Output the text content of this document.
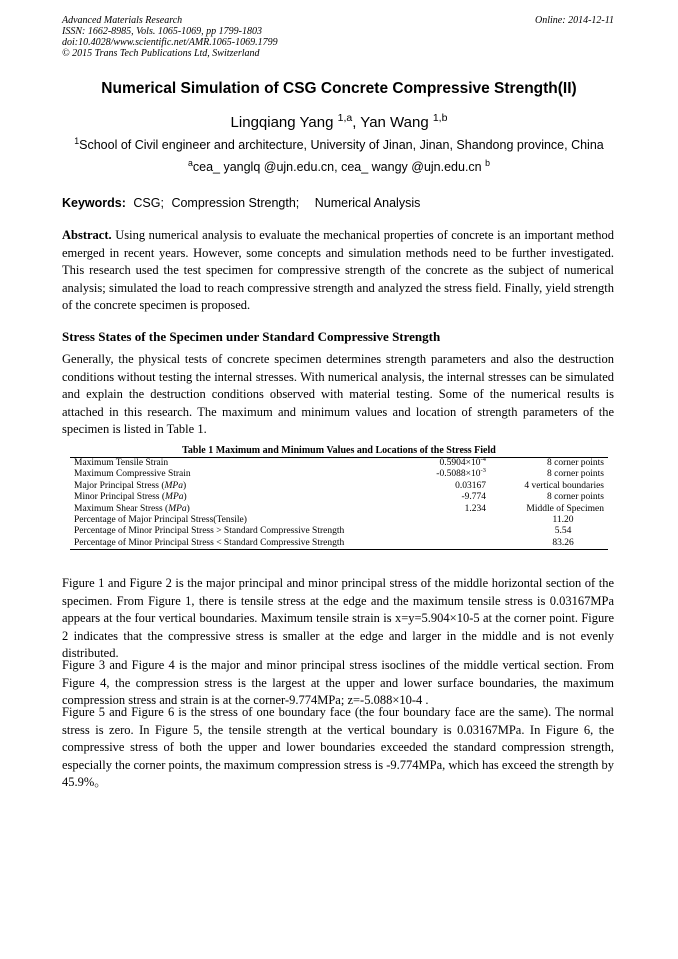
Advanced Materials Research
ISSN: 1662-8985, Vols. 1065-1069, pp 1799-1803
doi:10.4028/www.scientific.net/AMR.1065-1069.1799
© 2015 Trans Tech Publications Ltd, Switzerland
Online: 2014-12-11
Numerical Simulation of CSG Concrete Compressive Strength(II)
Lingqiang Yang $^{1,a}$, Yan Wang $^{1,b}$
$^1$School of Civil engineer and architecture, University of Jinan, Jinan, Shandong province, China
$^a$cea_ yanglq @ujn.edu.cn, cea_ wangy @ujn.edu.cn $^b$
Keywords: CSG; Compression Strength; Numerical Analysis
Abstract. Using numerical analysis to evaluate the mechanical properties of concrete is an important method emerged in recent years. However, some concepts and simulation methods need to be further investigated. This research used the test specimen for compressive strength of the concrete as the subject of numerical analysis; simulated the load to reach compressive strength and analyzed the stress field. Finally, yield strength of the concrete specimen is proposed.
Stress States of the Specimen under Standard Compressive Strength
Generally, the physical tests of concrete specimen determines strength parameters and also the destruction conditions without testing the internal stresses. With numerical analysis, the internal stresses can be simulated and explain the destruction conditions observed with material testing. Some of the numerical results is attached in this research. The maximum and minimum values and location of strength parameters of the specimen is listed in Table 1.
Table 1 Maximum and Minimum Values and Locations of the Stress Field
Maximum Tensile Strain	$0.5904\times 10^{-4}$	8 corner points
Maximum Compressive Strain	$-0.5088\times 10^{-3}$	8 corner points
Major Principal Stress (MPa)	0.03167	4 vertical boundaries
Minor Principal Stress (MPa)	-9.774	8 corner points
Maximum Shear Stress (MPa)	1.234	Middle of Specimen
Percentage of Major Principal Stress(Tensile)	11.20	
Percentage of Minor Principal Stress > Standard Compressive Strength	5.54	
Percentage of Minor Principal Stress < Standard Compressive Strength	83.26	
Figure 1 and Figure 2 is the major principal and minor principal stress of the middle horizontal section of the specimen. From Figure 1, there is tensile stress at the edge and the maximum tensile stress is 0.03167MPa appears at the four vertical boundaries. Maximum tensile strain is x=y=5.904×10-5 at the corner point. Figure 2 indicates that the compressive stress is smaller at the edge and larger in the middle and is not evenly distributed.
Figure 3 and Figure 4 is the major and minor principal stress isoclines of the middle vertical section. From Figure 4, the compression stress is the largest at the upper and lower surface boundaries, the maximum compression stress and strain is at the corner-9.774MPa; z=-5.088×10-4 .
Figure 5 and Figure 6 is the stress of one boundary face (the four boundary face are the same). The normal stress is zero. In Figure 5, the tensile strength at the vertical boundary is 0.03167MPa. In Figure 6, the compressive stress of both the upper and lower boundaries exceeded the standard compression strength, especially the corner points, the maximum compression stress is -9.774MPa, which has exceed the strength by 45.9%。
